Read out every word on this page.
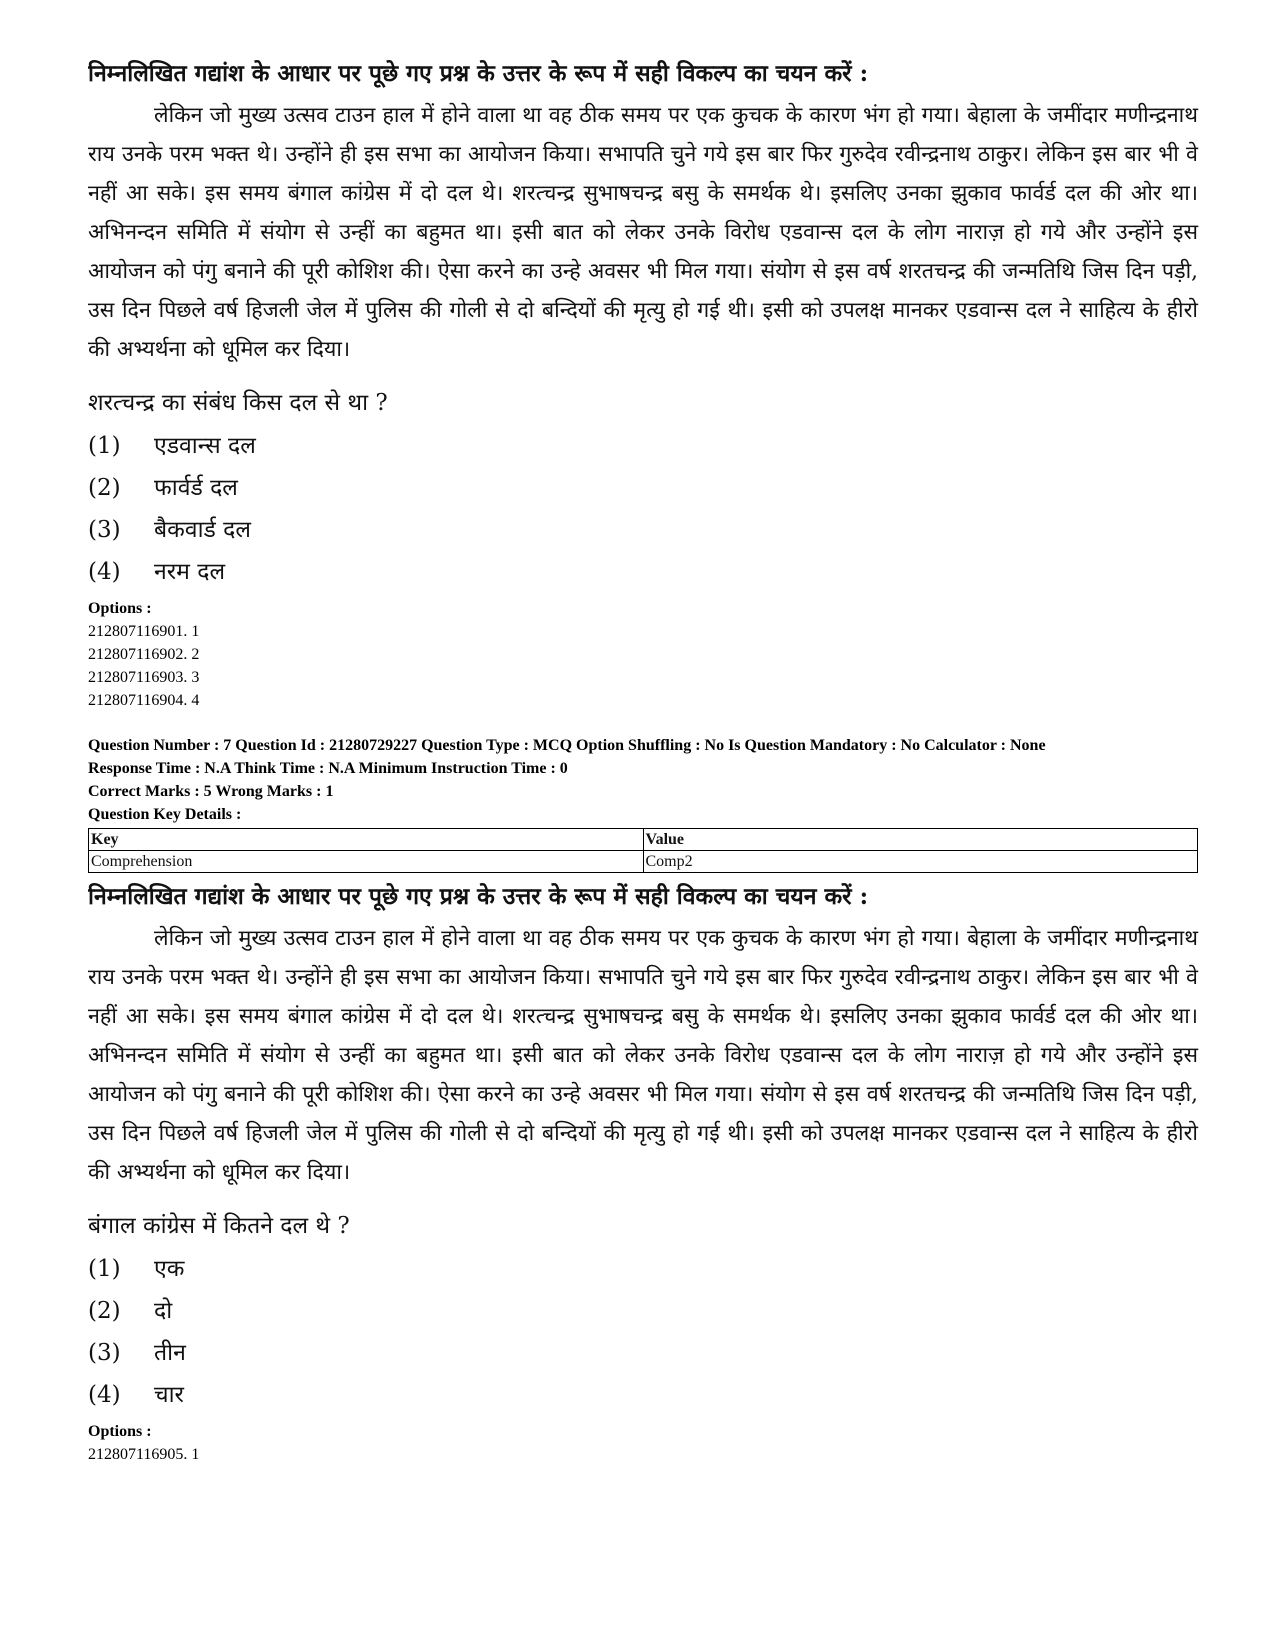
निम्नलिखित गद्यांश के आधार पर पूछे गए प्रश्न के उत्तर के रूप में सही विकल्प का चयन करें :

लेकिन जो मुख्य उत्सव टाउन हाल में होने वाला था वह ठीक समय पर एक कुचक के कारण भंग हो गया। बेहाला के जमींदार मणीन्द्रनाथ राय उनके परम भक्त थे। उन्होंने ही इस सभा का आयोजन किया। सभापति चुने गये इस बार फिर गुरुदेव रवीन्द्रनाथ ठाकुर। लेकिन इस बार भी वे नहीं आ सके। इस समय बंगाल कांग्रेस में दो दल थे। शरत्चन्द्र सुभाषचन्द्र बसु के समर्थक थे। इसलिए उनका झुकाव फार्वर्ड दल की ओर था। अभिनन्दन समिति में संयोग से उन्हीं का बहुमत था। इसी बात को लेकर उनके विरोध एडवान्स दल के लोग नाराज़ हो गये और उन्होंने इस आयोजन को पंगु बनाने की पूरी कोशिश की। ऐसा करने का उन्हे अवसर भी मिल गया। संयोग से इस वर्ष शरतचन्द्र की जन्मतिथि जिस दिन पड़ी, उस दिन पिछले वर्ष हिजली जेल में पुलिस की गोली से दो बन्दियों की मृत्यु हो गई थी। इसी को उपलक्ष मानकर एडवान्स दल ने साहित्य के हीरो की अभ्यर्थना को धूमिल कर दिया।

शरत्चन्द्र का संबंध किस दल से था ?
(1)	एडवान्स दल
(2)	फार्वर्ड दल
(3)	बैकवार्ड दल
(4)	नरम दल
Options :
212807116901. 1
212807116902. 2
212807116903. 3
212807116904. 4
Question Number : 7 Question Id : 21280729227 Question Type : MCQ Option Shuffling : No Is Question Mandatory : No Calculator : None
Response Time : N.A Think Time : N.A Minimum Instruction Time : 0
Correct Marks : 5 Wrong Marks : 1
Question Key Details :
Key	Value
Comprehension	Comp2
निम्नलिखित गद्यांश के आधार पर पूछे गए प्रश्न के उत्तर के रूप में सही विकल्प का चयन करें :

लेकिन जो मुख्य उत्सव टाउन हाल में होने वाला था वह ठीक समय पर एक कुचक के कारण भंग हो गया। बेहाला के जमींदार मणीन्द्रनाथ राय उनके परम भक्त थे। उन्होंने ही इस सभा का आयोजन किया। सभापति चुने गये इस बार फिर गुरुदेव रवीन्द्रनाथ ठाकुर। लेकिन इस बार भी वे नहीं आ सके। इस समय बंगाल कांग्रेस में दो दल थे। शरत्चन्द्र सुभाषचन्द्र बसु के समर्थक थे। इसलिए उनका झुकाव फार्वर्ड दल की ओर था। अभिनन्दन समिति में संयोग से उन्हीं का बहुमत था। इसी बात को लेकर उनके विरोध एडवान्स दल के लोग नाराज़ हो गये और उन्होंने इस आयोजन को पंगु बनाने की पूरी कोशिश की। ऐसा करने का उन्हे अवसर भी मिल गया। संयोग से इस वर्ष शरतचन्द्र की जन्मतिथि जिस दिन पड़ी, उस दिन पिछले वर्ष हिजली जेल में पुलिस की गोली से दो बन्दियों की मृत्यु हो गई थी। इसी को उपलक्ष मानकर एडवान्स दल ने साहित्य के हीरो की अभ्यर्थना को धूमिल कर दिया।

बंगाल कांग्रेस में कितने दल थे ?
(1)	एक
(2)	दो
(3)	तीन
(4)	चार
Options :
212807116905. 1
